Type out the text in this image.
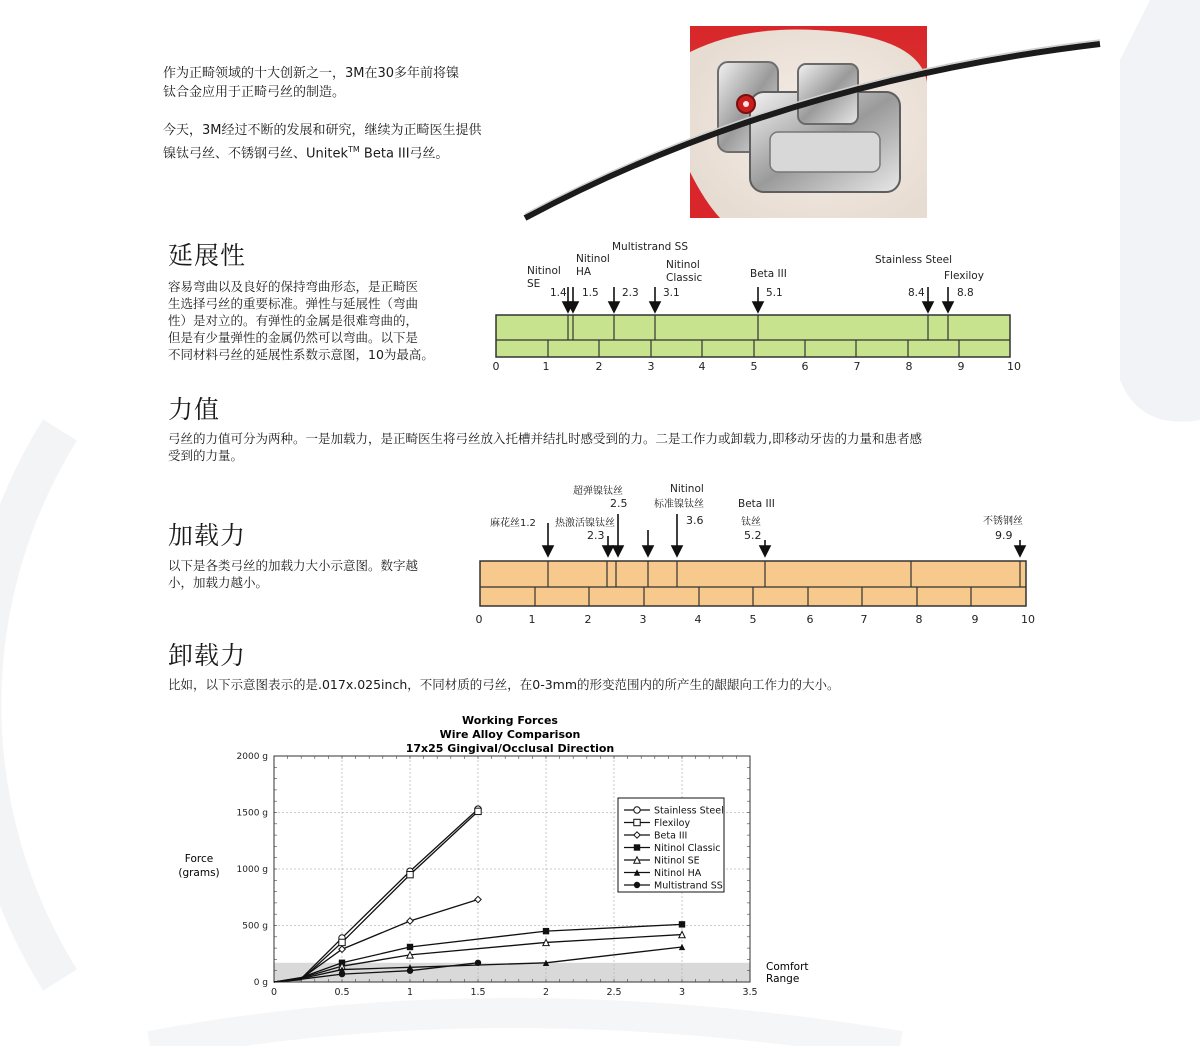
作为正畸领域的十大创新之一，3M在30多年前将镍
钛合金应用于正畸弓丝的制造。
今天，3M经过不断的发展和研究，继续为正畸医生提供
镍钛弓丝、不锈钢弓丝、Unitek™ Beta III弓丝。
延展性
容易弯曲以及良好的保持弯曲形态，是正畸医
生选择弓丝的重要标准。弹性与延展性（弯曲
性）是对立的。有弹性的金属是很难弯曲的，
但是有少量弹性的金属仍然可以弯曲。以下是
不同材料弓丝的延展性系数示意图，10为最高。
Multistrand SS
Nitinol
SE
Nitinol
HA
Nitinol
Classic	Beta III
Stainless Steel
Flexiloy
1.4 1.5 2.3 3.1	5.1	8.4	8.8
0	1	2	3	4	5	6	7	8	9	10
力值
弓丝的力值可分为两种。一是加载力，是正畸医生将弓丝放入托槽并结扎时感受到的力。二是工作力或卸载力,即移动牙齿的力量和患者感
受到的力量。
加载力
以下是各类弓丝的加载力大小示意图。数字越
小，加载力越小。
麻花丝1.2
超弹镍钛丝
2.5
热激活镍钛丝
2.3
Nitinol
标准镍钛丝
3.6
Beta III
钛丝
5.2
不锈钢丝
9.9
0	1	2	3	4	5	6	7	8	9	10
卸载力
比如，以下示意图表示的是.017x.025inch，不同材质的弓丝，在0-3mm的形变范围内的所产生的龈龈向工作力的大小。
Working Forces
Wire Alloy Comparison
17x25 Gingival/Occlusal Direction
Force
(grams)
Comfort
Range
0	0.5	1	1.5	2	2.5	3	3.5
0 g
500 g
1000 g
1500 g
2000 g
Stainless Steel
Flexiloy
Beta III
Nitinol Classic
Nitinol SE
Nitinol HA
Multistrand SS
